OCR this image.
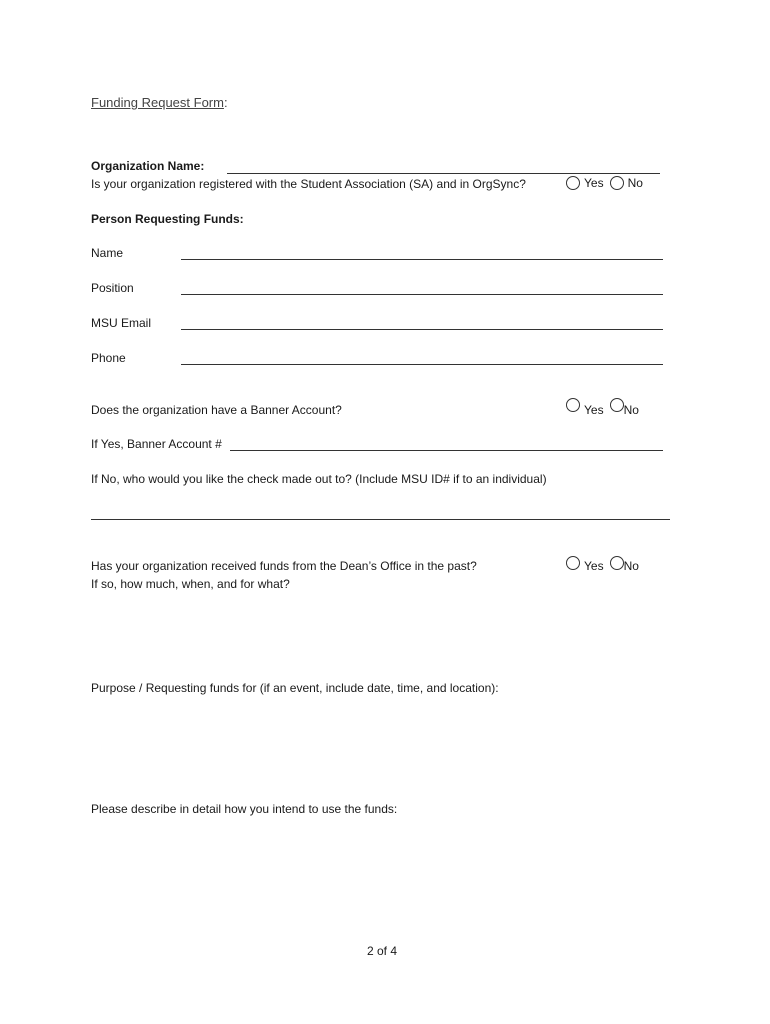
Funding Request Form:
Organization Name:
Is your organization registered with the Student Association (SA) and in OrgSync?	Yes No
Person Requesting Funds:
Name
Position
MSU Email
Phone
Does the organization have a Banner Account?	Yes No
If Yes, Banner Account #
If No, who would you like the check made out to? (Include MSU ID# if to an individual)
Has your organization received funds from the Dean’s Office in the past?
If so, how much, when, and for what?
Yes No
Purpose / Requesting funds for (if an event, include date, time, and location):
Please describe in detail how you intend to use the funds:
2 of 4
